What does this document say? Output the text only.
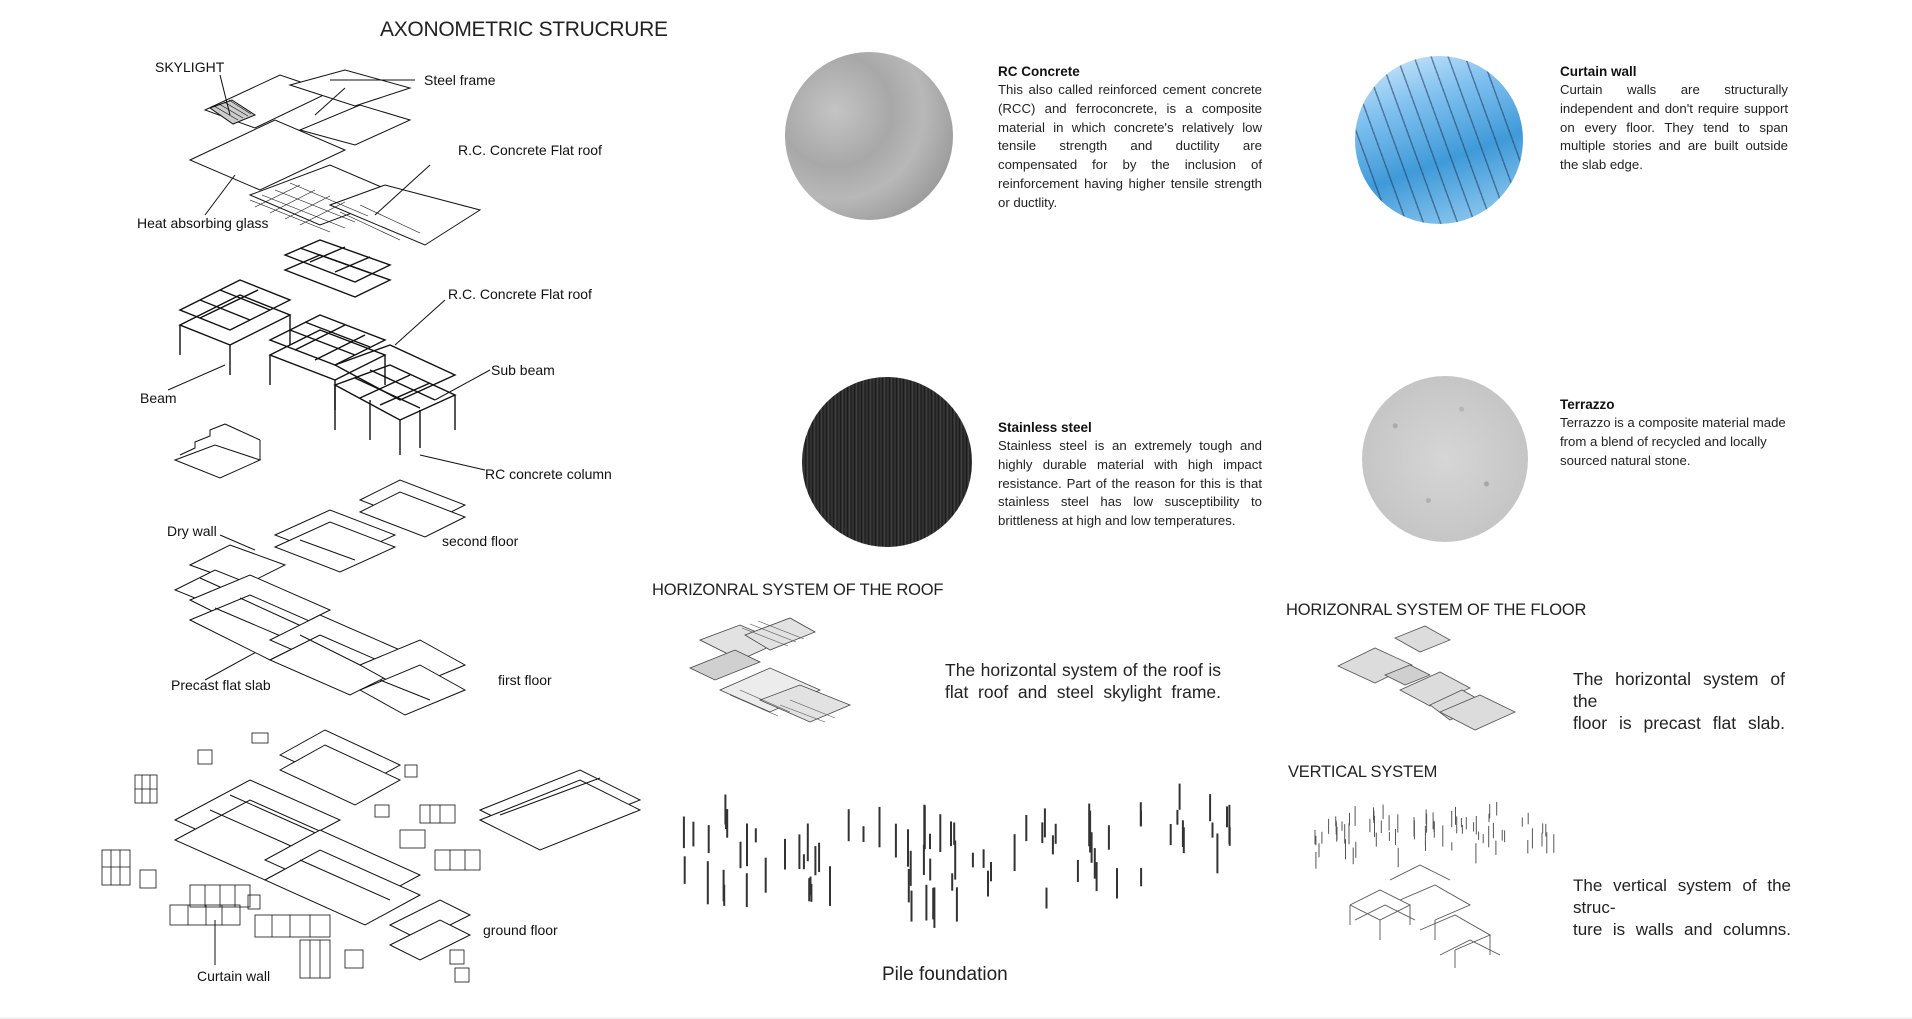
AXONOMETRIC STRUCRURE
SKYLIGHT
Steel frame
R.C. Concrete Flat roof
Heat absorbing glass
R.C. Concrete Flat roof
Sub beam
Beam
RC concrete column
Dry wall
second floor
Precast flat slab	first floor
ground floor
Curtain wall
RC Concrete
This also called reinforced cement concrete (RCC) and ferroconcrete, is a composite material in which concrete's relatively low tensile strength and ductility are compensated for by the inclusion of reinforcement having higher tensile strength or ductlity.
Curtain wall
Curtain walls are structurally independent and don't require support on every floor. They tend to span multiple stories and are built outside the slab edge.
Stainless steel
Stainless steel is an extremely tough and highly durable material with high impact resistance. Part of the reason for this is that stainless steel has low susceptibility to brittleness at high and low temperatures.
Terrazzo
Terrazzo is a composite material made from a blend of recycled and locally sourced natural stone.
HORIZONRAL SYSTEM OF THE ROOF
The horizontal system of the roof is
flat roof and steel skylight frame.
HORIZONRAL SYSTEM OF THE FLOOR
The horizontal system of the
floor is precast flat slab.
VERTICAL SYSTEM
The vertical system of the struc-
ture is walls and columns.
Pile foundation
